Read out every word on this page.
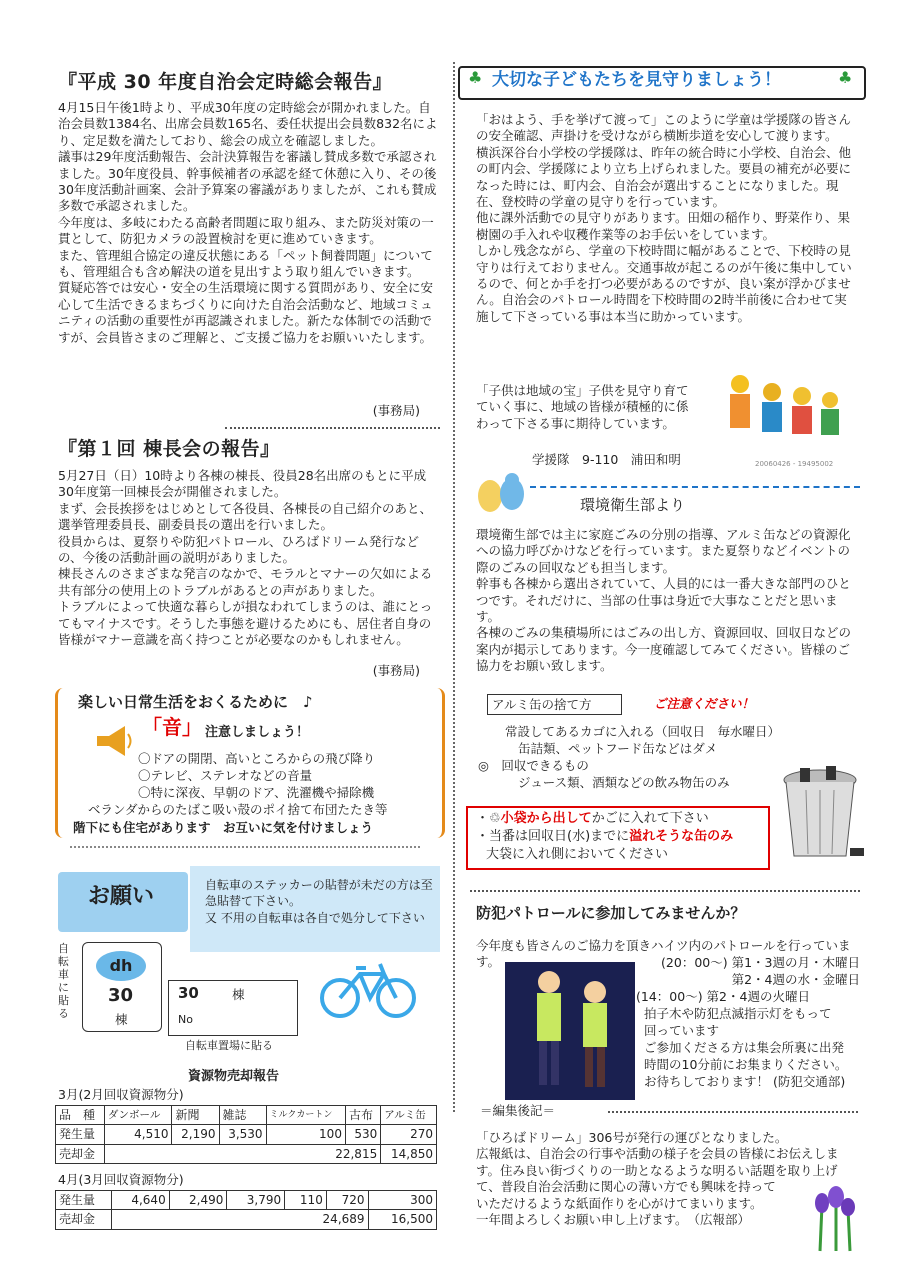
『平成 30 年度自治会定時総会報告』

4月15日午後1時より、平成30年度の定時総会が開かれました。自治会員数1384名、出席会員数165名、委任状提出会員数832名により、定足数を満たしており、総会の成立を確認しました。
議事は29年度活動報告、会計決算報告を審議し賛成多数で承認されました。30年度役員、幹事候補者の承認を経て休憩に入り、その後30年度活動計画案、会計予算案の審議がありましたが、これも賛成多数で承認されました。
今年度は、多岐にわたる高齢者問題に取り組み、また防災対策の一貫として、防犯カメラの設置検討を更に進めていきます。
また、管理組合協定の違反状態にある「ペット飼養問題」についても、管理組合も含め解決の道を見出すよう取り組んでいきます。
質疑応答では安心・安全の生活環境に関する質問があり、安全に安心して生活できるまちづくりに向けた自治会活動など、地域コミュニティの活動の重要性が再認識されました。新たな体制での活動ですが、会員皆さまのご理解と、ご支援ご協力をお願いいたします。

(事務局)
『第１回 棟長会の報告』

5月27日（日）10時より各棟の棟長、役員28名出席のもとに平成30年度第一回棟長会が開催されました。
まず、会長挨拶をはじめとして各役員、各棟長の自己紹介のあと、選挙管理委員長、副委員長の選出を行いました。
役員からは、夏祭りや防犯パトロール、ひろばドリーム発行などの、今後の活動計画の説明がありました。
棟長さんのさまざまな発言のなかで、モラルとマナーの欠如による共有部分の使用上のトラブルがあるとの声がありました。
トラブルによって快適な暮らしが損なわれてしまうのは、誰にとってもマイナスです。そうした事態を避けるためにも、居住者自身の皆様がマナー意識を高く持つことが必要なのかもしれません。

(事務局)
楽しい日常生活をおくるために　♪
「音」 注意しましょう！
〇ドアの開閉、高いところからの飛び降り
〇テレビ、ステレオなどの音量
〇特に深夜、早朝のドア、洗濯機や掃除機
ベランダからのたばこ吸い殻のポイ捨て布団たたき等
階下にも住宅があります　お互いに気を付けましょう
お願い	自転車のステッカーの貼替が未だの方は至急貼替て下さい。
又 不用の自転車は各自で処分して下さい

自転車に貼る
dh
30
棟
30	棟
No
自転車置場に貼る
資源物売却報告
3月(2月回収資源物分)
品　種	ダンボール	新聞	雑誌	ミルクカートン	古布	アルミ缶
発生量	4,510	2,190	3,530	100	530	270
売却金	22,815					14,850
4月(3月回収資源物分)
発生量	4,640	2,490	3,790	110	720	300
売却金	24,689					16,500
♣ 大切な子どもたちを見守りましょう！	♣

「おはよう、手を挙げて渡って」このように学童は学援隊の皆さんの安全確認、声掛けを受けながら横断歩道を安心して渡ります。
横浜深谷台小学校の学援隊は、昨年の統合時に小学校、自治会、他の町内会、学援隊により立ち上げられました。要員の補充が必要になった時には、町内会、自治会が選出することになりました。現在、登校時の学童の見守りを行っています。
他に課外活動での見守りがあります。田畑の稲作り、野菜作り、果樹園の手入れや収穫作業等のお手伝いをしています。
しかし残念ながら、学童の下校時間に幅があることで、下校時の見守りは行えておりません。交通事故が起こるのが午後に集中しているので、何とか手を打つ必要があるのですが、良い案が浮かびません。自治会のパトロール時間を下校時間の2時半前後に合わせて実施して下さっている事は本当に助かっています。

「子供は地域の宝」子供を見守り育てていく事に、地域の皆様が積極的に係わって下さる事に期待しています。

20060426 - 19495002
学援隊　9-110　浦田和明
環境衛生部より

環境衛生部では主に家庭ごみの分別の指導、アルミ缶などの資源化への協力呼びかけなどを行っています。また夏祭りなどイベントの際のごみの回収なども担当します。
幹事も各棟から選出されていて、人員的には一番大きな部門のひとつです。それだけに、当部の仕事は身近で大事なことだと思います。
各棟のごみの集積場所にはごみの出し方、資源回収、回収日などの案内が掲示してあります。今一度確認してみてください。皆様のご協力をお願い致します。

アルミ缶の捨て方	ご注意ください！
常設してあるカゴに入れる（回収日　毎水曜日）
缶詰類、ペットフード缶などはダメ
◎　回収できるもの
ジュース類、酒類などの飲み物缶のみ
・♲小袋から出してかごに入れて下さい
・当番は回収日(水)までに溢れそうな缶のみ
大袋に入れ側においてください
防犯パトロールに参加してみませんか？

今年度も皆さんのご協力を頂きハイツ内のパトロールを行っています。	(20：00〜) 第1・3週の月・木曜日
第2・4週の水・金曜日
(14：00〜) 第2・4週の火曜日
拍子木や防犯点滅指示灯をもって
回っています
ご参加くださる方は集会所裏に出発
時間の10分前にお集まりください。
お待ちしております！ (防犯交通部)
＝編集後記＝

「ひろばドリーム」306号が発行の運びとなりました。
広報紙は、自治会の行事や活動の様子を会員の皆様にお伝えします。住み良い街づくりの一助となるような明るい話題を取り上げて、普段自治会活動に関心の薄い方でも興味を持って
いただけるような紙面作りを心がけてまいります。
一年間よろしくお願い申し上げます。　（広報部）
